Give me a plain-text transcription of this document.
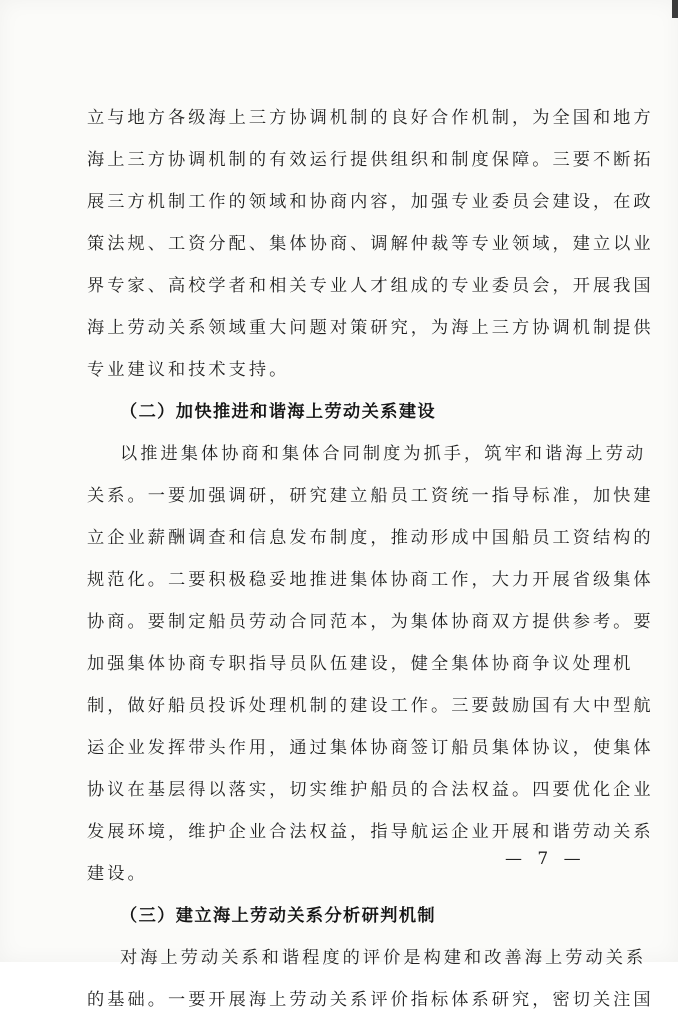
立与地方各级海上三方协调机制的良好合作机制，为全国和地方

海上三方协调机制的有效运行提供组织和制度保障。三要不断拓

展三方机制工作的领域和协商内容，加强专业委员会建设，在政

策法规、工资分配、集体协商、调解仲裁等专业领域，建立以业

界专家、高校学者和相关专业人才组成的专业委员会，开展我国

海上劳动关系领域重大问题对策研究，为海上三方协调机制提供

专业建议和技术支持。

（二）加快推进和谐海上劳动关系建设

以推进集体协商和集体合同制度为抓手，筑牢和谐海上劳动

关系。一要加强调研，研究建立船员工资统一指导标准，加快建

立企业薪酬调查和信息发布制度，推动形成中国船员工资结构的

规范化。二要积极稳妥地推进集体协商工作，大力开展省级集体

协商。要制定船员劳动合同范本，为集体协商双方提供参考。要

加强集体协商专职指导员队伍建设，健全集体协商争议处理机

制，做好船员投诉处理机制的建设工作。三要鼓励国有大中型航

运企业发挥带头作用，通过集体协商签订船员集体协议，使集体

协议在基层得以落实，切实维护船员的合法权益。四要优化企业

发展环境，维护企业合法权益，指导航运企业开展和谐劳动关系

建设。

（三）建立海上劳动关系分析研判机制

对海上劳动关系和谐程度的评价是构建和改善海上劳动关系

的基础。一要开展海上劳动关系评价指标体系研究，密切关注国

— 7 —
